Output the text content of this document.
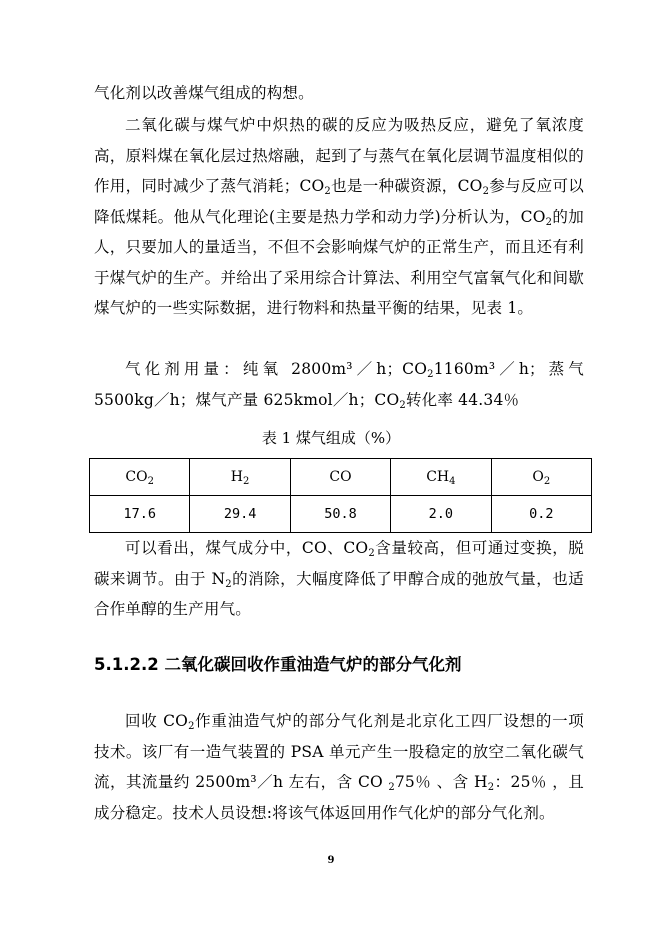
气化剂以改善煤气组成的构想。

二氧化碳与煤气炉中炽热的碳的反应为吸热反应，避免了氧浓度高，原料煤在氧化层过热熔融，起到了与蒸气在氧化层调节温度相似的作用，同时减少了蒸气消耗；$CO_2$也是一种碳资源，$CO_2$参与反应可以降低煤耗。他从气化理论(主要是热力学和动力学)分析认为，$CO_2$的加人，只要加人的量适当，不但不会影响煤气炉的正常生产，而且还有利于煤气炉的生产。并给出了采用综合计算法、利用空气富氧气化和间歇煤气炉的一些实际数据，进行物料和热量平衡的结果，见表 1。

气化剂用量：纯氧 2800m³／h；$CO_21160m^3/h$；蒸气 5500kg／h；煤气产量 625kmol／h；$CO_2$转化率 44.34％

表 1 煤气组成（%）
$CO_2$	$H_2$	CO	$CH_4$	$O_2$
17.6	29.4	50.8	2.0	0.2

可以看出，煤气成分中，CO、$CO_2$含量较高，但可通过变换，脱碳来调节。由于 $N_2$的消除，大幅度降低了甲醇合成的弛放气量，也适合作单醇的生产用气。

5.1.2.2 二氧化碳回收作重油造气炉的部分气化剂

回收 $CO_2$作重油造气炉的部分气化剂是北京化工四厂设想的一项技术。该厂有一造气装置的 PSA 单元产生一股稳定的放空二氧化碳气流，其流量约 2500m³／h 左右，含 CO $_2$75％ 、含 $H_2$：25％ ，且成分稳定。技术人员设想:将该气体返回用作气化炉的部分气化剂。

9
